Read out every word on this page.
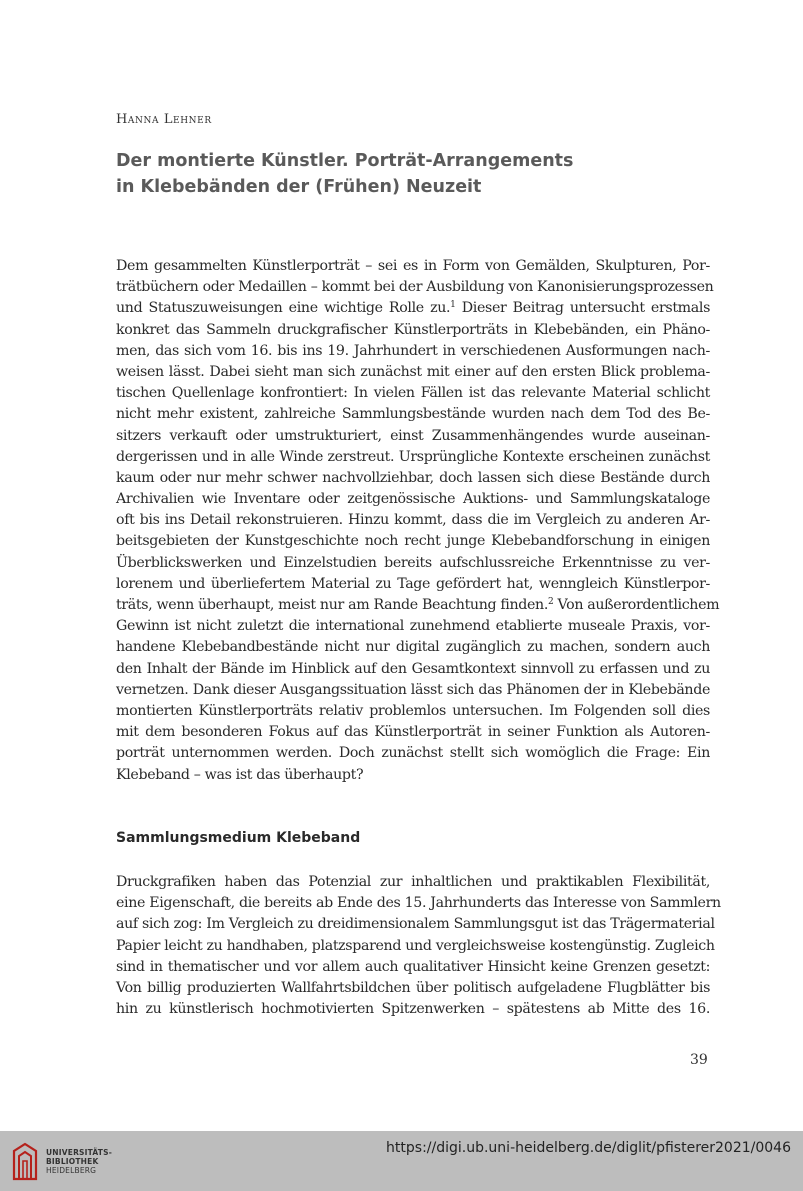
Hanna Lehner
Der montierte Künstler. Porträt-Arrangements
in Klebebänden der (Frühen) Neuzeit
Dem gesammelten Künstlerporträt – sei es in Form von Gemälden, Skulpturen, Por-
trätbüchern oder Medaillen – kommt bei der Ausbildung von Kanonisierungsprozessen
und Statuszuweisungen eine wichtige Rolle zu.$^1$ Dieser Beitrag untersucht erstmals
konkret das Sammeln druckgrafischer Künstlerporträts in Klebebänden, ein Phäno-
men, das sich vom 16. bis ins 19. Jahrhundert in verschiedenen Ausformungen nach-
weisen lässt. Dabei sieht man sich zunächst mit einer auf den ersten Blick problema-
tischen Quellenlage konfrontiert: In vielen Fällen ist das relevante Material schlicht
nicht mehr existent, zahlreiche Sammlungsbestände wurden nach dem Tod des Be-
sitzers verkauft oder umstrukturiert, einst Zusammenhängendes wurde auseinan-
dergerissen und in alle Winde zerstreut. Ursprüngliche Kontexte erscheinen zunächst
kaum oder nur mehr schwer nachvollziehbar, doch lassen sich diese Bestände durch
Archivalien wie Inventare oder zeitgenössische Auktions- und Sammlungskataloge
oft bis ins Detail rekonstruieren. Hinzu kommt, dass die im Vergleich zu anderen Ar-
beitsgebieten der Kunstgeschichte noch recht junge Klebebandforschung in einigen
Überblickswerken und Einzelstudien bereits aufschlussreiche Erkenntnisse zu ver-
lorenem und überliefertem Material zu Tage gefördert hat, wenngleich Künstlerpor-
träts, wenn überhaupt, meist nur am Rande Beachtung finden.$^2$ Von außerordentlichem
Gewinn ist nicht zuletzt die international zunehmend etablierte museale Praxis, vor-
handene Klebebandbestände nicht nur digital zugänglich zu machen, sondern auch
den Inhalt der Bände im Hinblick auf den Gesamtkontext sinnvoll zu erfassen und zu
vernetzen. Dank dieser Ausgangssituation lässt sich das Phänomen der in Klebebände
montierten Künstlerporträts relativ problemlos untersuchen. Im Folgenden soll dies
mit dem besonderen Fokus auf das Künstlerporträt in seiner Funktion als Autoren-
porträt unternommen werden. Doch zunächst stellt sich womöglich die Frage: Ein
Klebeband – was ist das überhaupt?
Sammlungsmedium Klebeband
Druckgrafiken haben das Potenzial zur inhaltlichen und praktikablen Flexibilität,
eine Eigenschaft, die bereits ab Ende des 15. Jahrhunderts das Interesse von Sammlern
auf sich zog: Im Vergleich zu dreidimensionalem Sammlungsgut ist das Trägermaterial
Papier leicht zu handhaben, platzsparend und vergleichsweise kostengünstig. Zugleich
sind in thematischer und vor allem auch qualitativer Hinsicht keine Grenzen gesetzt:
Von billig produzierten Wallfahrtsbildchen über politisch aufgeladene Flugblätter bis
hin zu künstlerisch hochmotivierten Spitzenwerken – spätestens ab Mitte des 16.
39
UNIVERSITÄTS-
BIBLIOTHEK
HEIDELBERG
https://digi.ub.uni-heidelberg.de/diglit/pfisterer2021/0046
